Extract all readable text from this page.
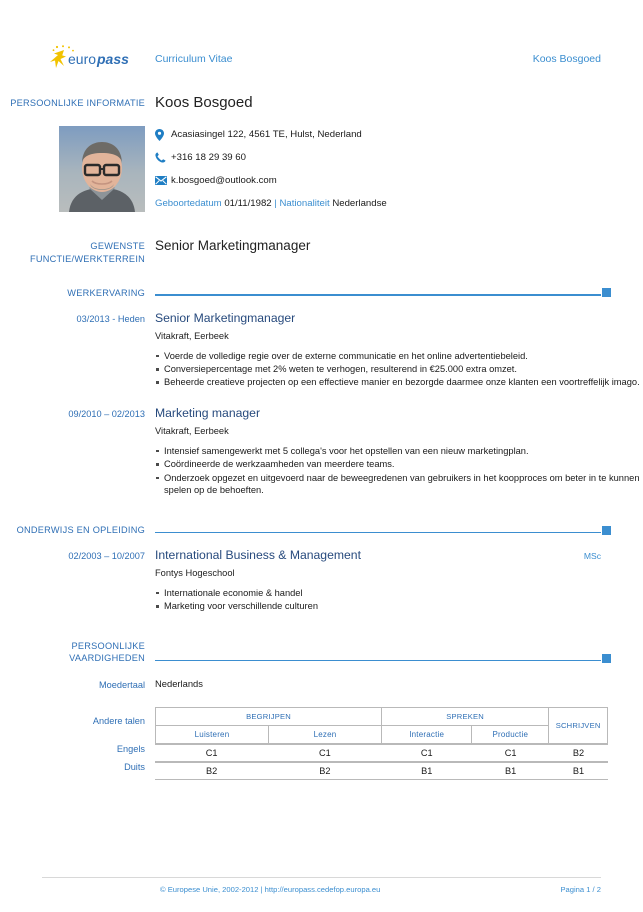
euro pass Curriculum Vitae	Koos Bosgoed
PERSOONLIJKE INFORMATIE Koos Bosgoed
Acasiasingel 122, 4561 TE, Hulst, Nederland
+316 18 29 39 60
k.bosgoed@outlook.com
Geboortedatum 01/11/1982 | Nationaliteit Nederlandse
GEWENSTE
FUNCTIE/WERKTERREIN
Senior Marketingmanager
WERKERVARING
03/2013 - Heden Senior Marketingmanager
Vitakraft, Eerbeek
Voerde de volledige regie over de externe communicatie en het online advertentiebeleid.
Conversiepercentage met 2% weten te verhogen, resulterend in €25.000 extra omzet.
Beheerde creatieve projecten op een effectieve manier en bezorgde daarmee onze klanten een voortreffelijk imago.
09/2010 – 02/2013 Marketing manager
Vitakraft, Eerbeek
Intensief samengewerkt met 5 collega's voor het opstellen van een nieuw marketingplan.
Coördineerde de werkzaamheden van meerdere teams.
Onderzoek opgezet en uitgevoerd naar de beweegredenen van gebruikers in het koopproces om beter in te kunnen spelen op de behoeften.
ONDERWIJS EN OPLEIDING
02/2003 – 10/2007 International Business & Management	MSc
Fontys Hogeschool
Internationale economie & handel
Marketing voor verschillende culturen
PERSOONLIJKE
VAARDIGHEDEN
Moedertaal Nederlands
Andere talen	BEGRIJPEN		SPREKEN		SCHRIJVEN
Luisteren	Lezen	Interactie	Productie	
Engels	C1	C1	C1	C1	B2
Duits	B2	B2	B1	B1	B1
© Europese Unie, 2002-2012 | http://europass.cedefop.europa.eu	Pagina 1 / 2
